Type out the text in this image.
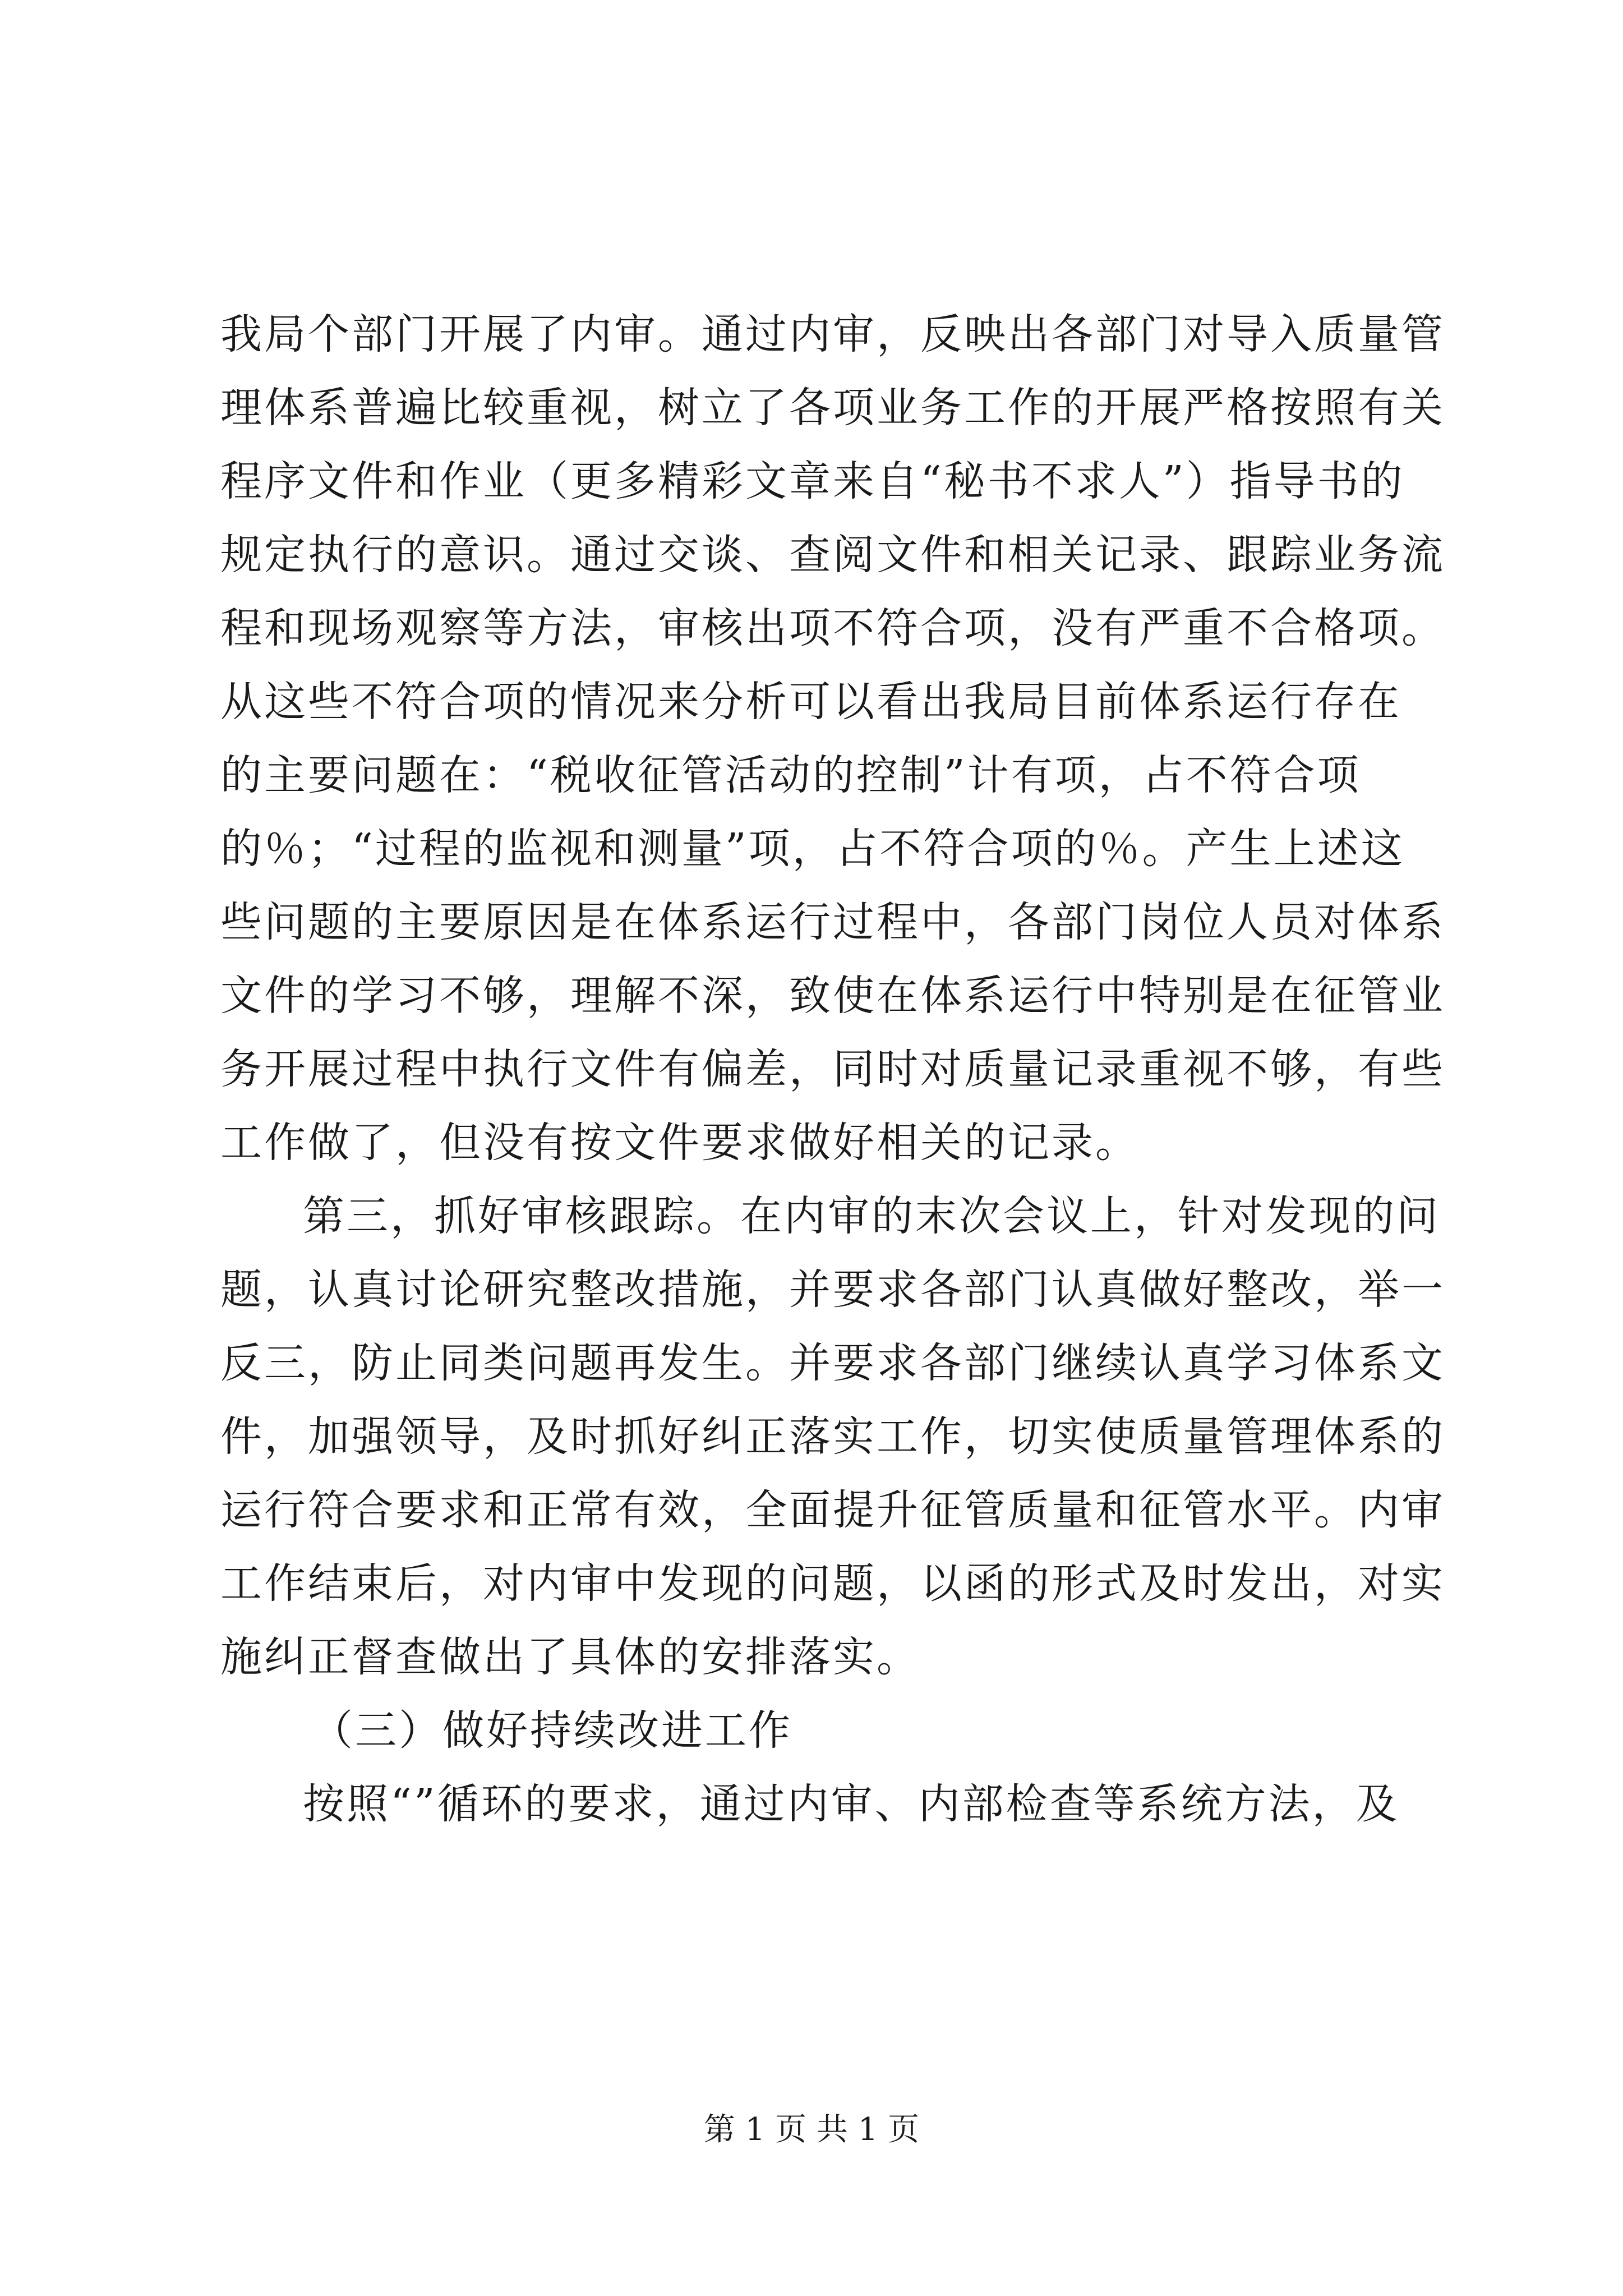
我局个部门开展了内审。通过内审，反映出各部门对导入质量管
理体系普遍比较重视，树立了各项业务工作的开展严格按照有关
程序文件和作业（更多精彩文章来自“秘书不求人”）指导书的
规定执行的意识。通过交谈、查阅文件和相关记录、跟踪业务流
程和现场观察等方法，审核出项不符合项，没有严重不合格项。
从这些不符合项的情况来分析可以看出我局目前体系运行存在
的主要问题在：“税收征管活动的控制”计有项，占不符合项
的％；“过程的监视和测量”项，占不符合项的％。产生上述这
些问题的主要原因是在体系运行过程中，各部门岗位人员对体系
文件的学习不够，理解不深，致使在体系运行中特别是在征管业
务开展过程中执行文件有偏差，同时对质量记录重视不够，有些
工作做了，但没有按文件要求做好相关的记录。
第三，抓好审核跟踪。在内审的末次会议上，针对发现的问
题，认真讨论研究整改措施，并要求各部门认真做好整改，举一
反三，防止同类问题再发生。并要求各部门继续认真学习体系文
件，加强领导，及时抓好纠正落实工作，切实使质量管理体系的
运行符合要求和正常有效，全面提升征管质量和征管水平。内审
工作结束后，对内审中发现的问题，以函的形式及时发出，对实
施纠正督查做出了具体的安排落实。
（三）做好持续改进工作
按照“”循环的要求，通过内审、内部检查等系统方法，及
第 1 页 共 1 页
